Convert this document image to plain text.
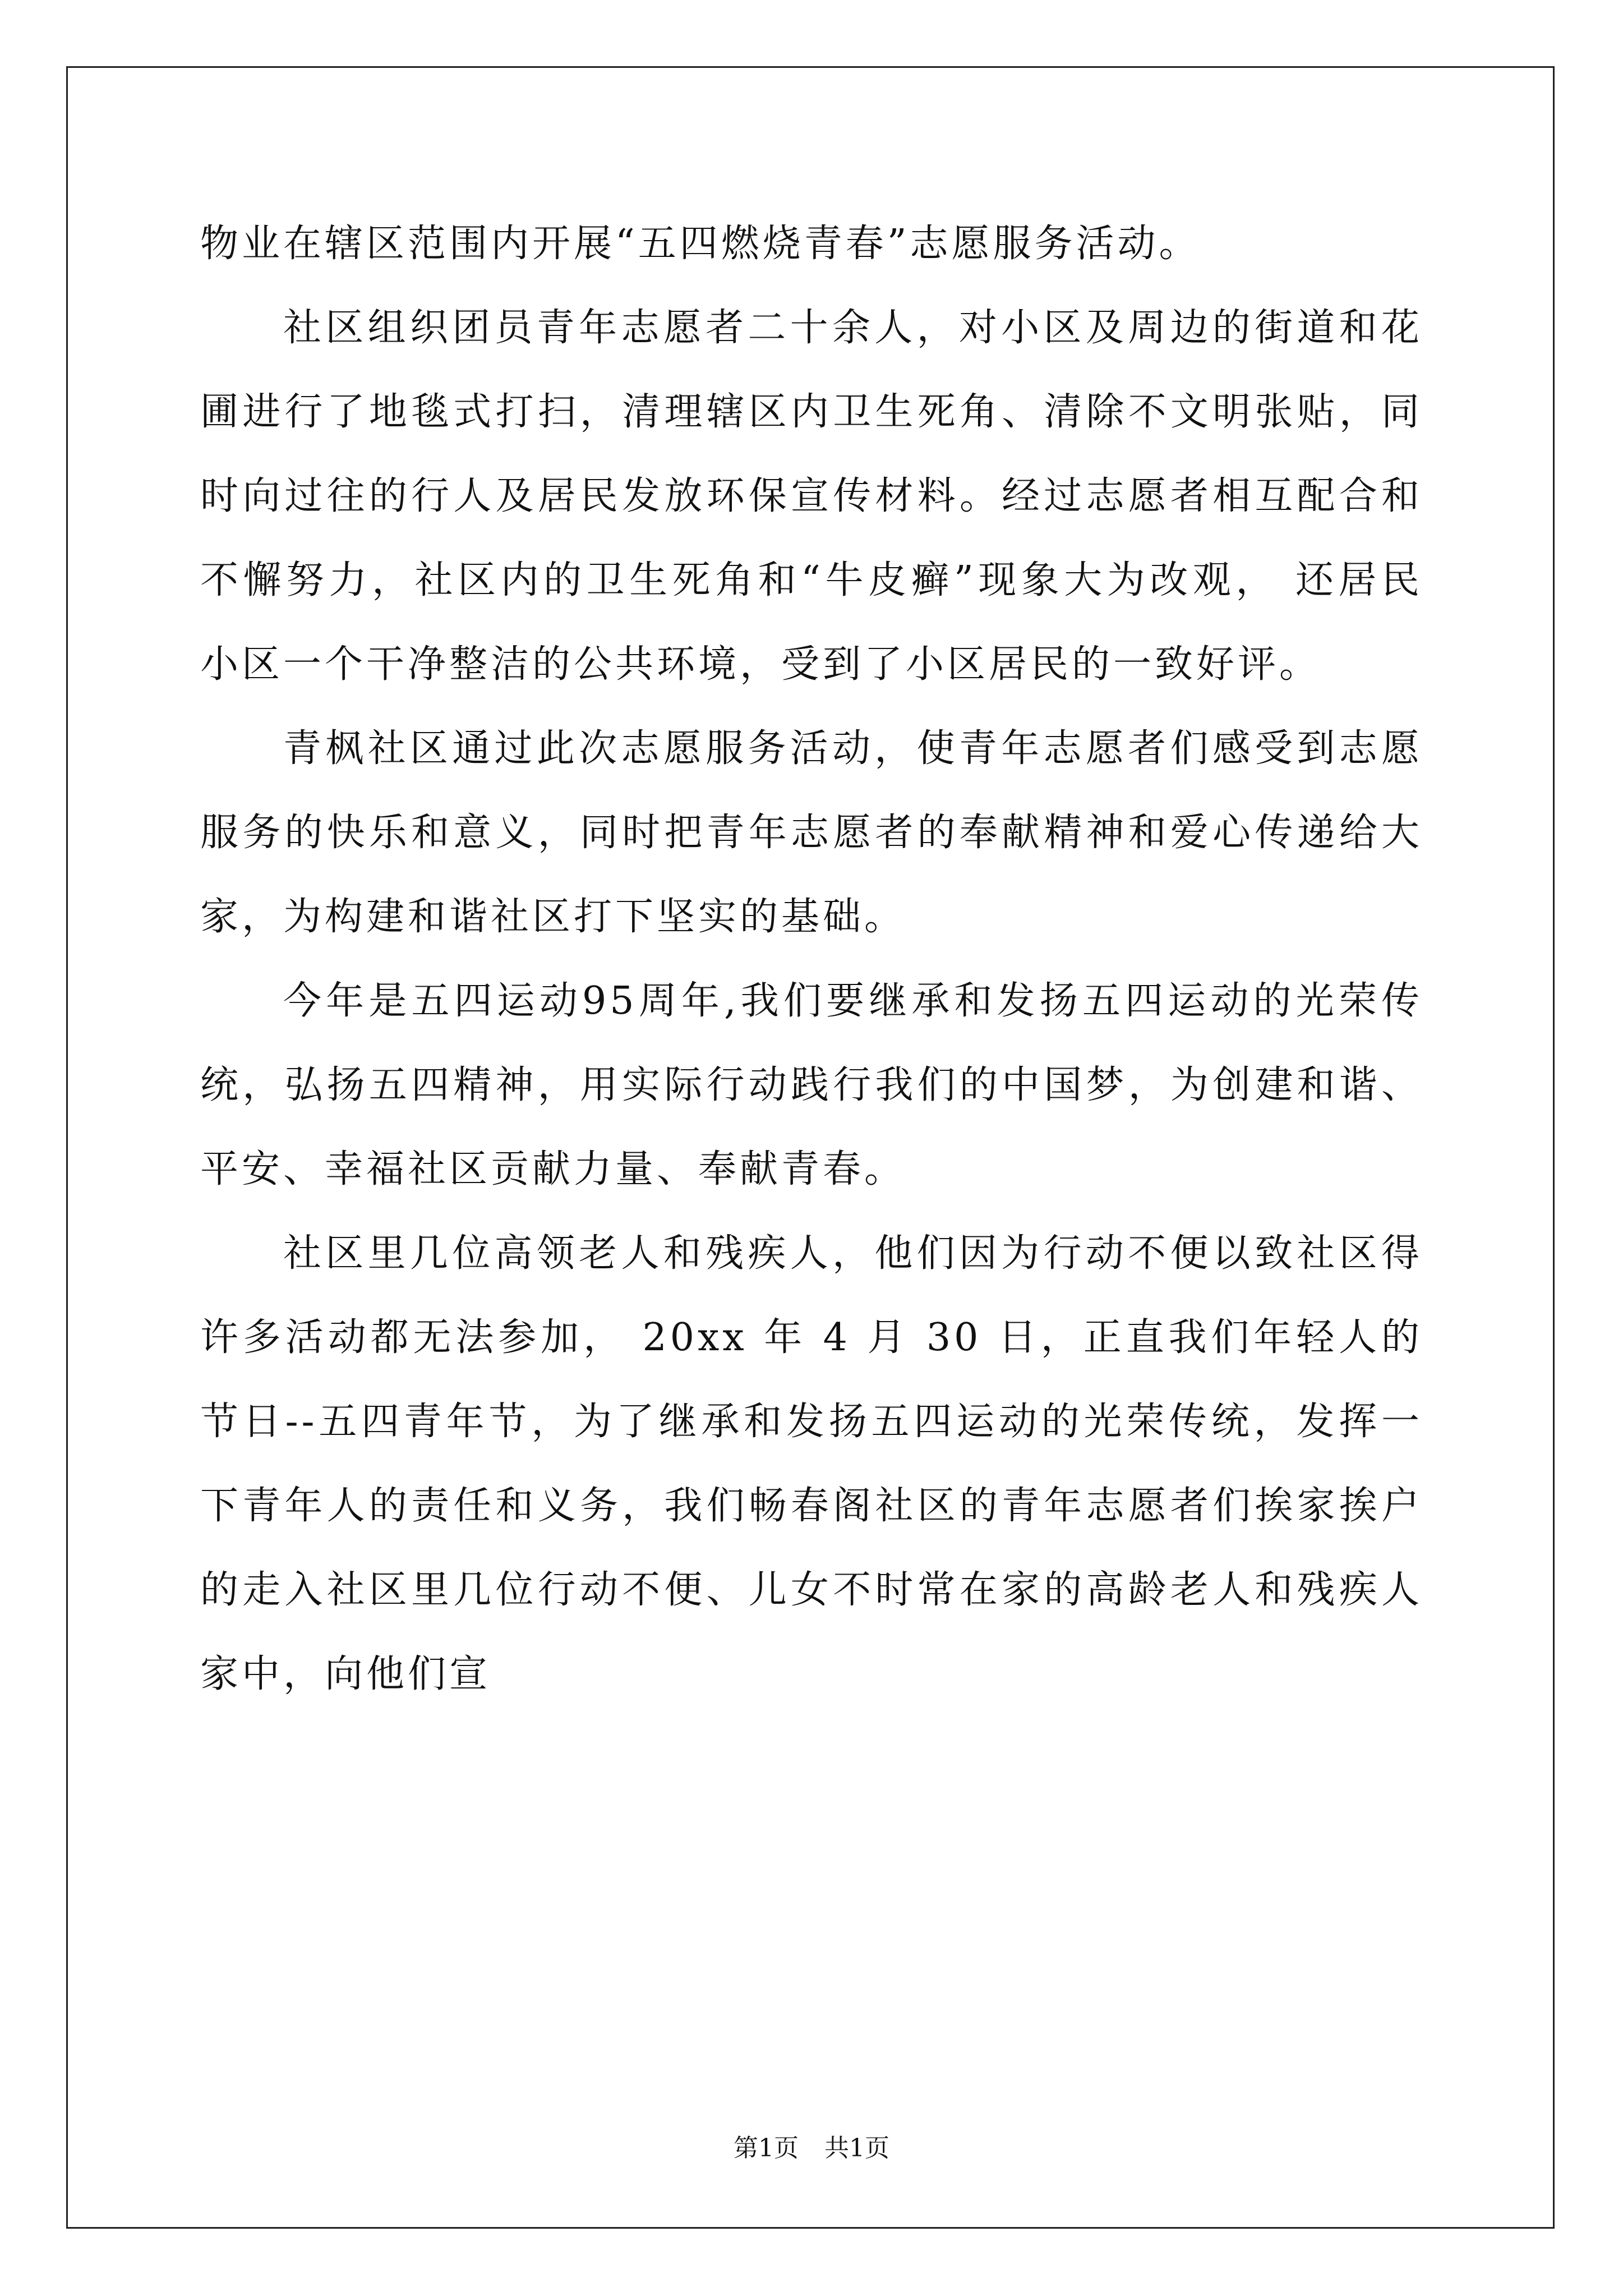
物业在辖区范围内开展“五四燃烧青春”志愿服务活动。

社区组织团员青年志愿者二十余人，对小区及周边的街道和花圃进行了地毯式打扫，清理辖区内卫生死角、清除不文明张贴，同时向过往的行人及居民发放环保宣传材料。经过志愿者相互配合和不懈努力，社区内的卫生死角和“牛皮癣”现象大为改观， 还居民小区一个干净整洁的公共环境，受到了小区居民的一致好评。

青枫社区通过此次志愿服务活动，使青年志愿者们感受到志愿服务的快乐和意义，同时把青年志愿者的奉献精神和爱心传递给大家，为构建和谐社区打下坚实的基础。

今年是五四运动95周年,我们要继承和发扬五四运动的光荣传统，弘扬五四精神，用实际行动践行我们的中国梦，为创建和谐、平安、幸福社区贡献力量、奉献青春。

社区里几位高领老人和残疾人，他们因为行动不便以致社区得许多活动都无法参加， 20xx 年 4 月 30 日，正直我们年轻人的节日--五四青年节，为了继承和发扬五四运动的光荣传统，发挥一下青年人的责任和义务，我们畅春阁社区的青年志愿者们挨家挨户的走入社区里几位行动不便、儿女不时常在家的高龄老人和残疾人家中，向他们宣

第1页 共1页
